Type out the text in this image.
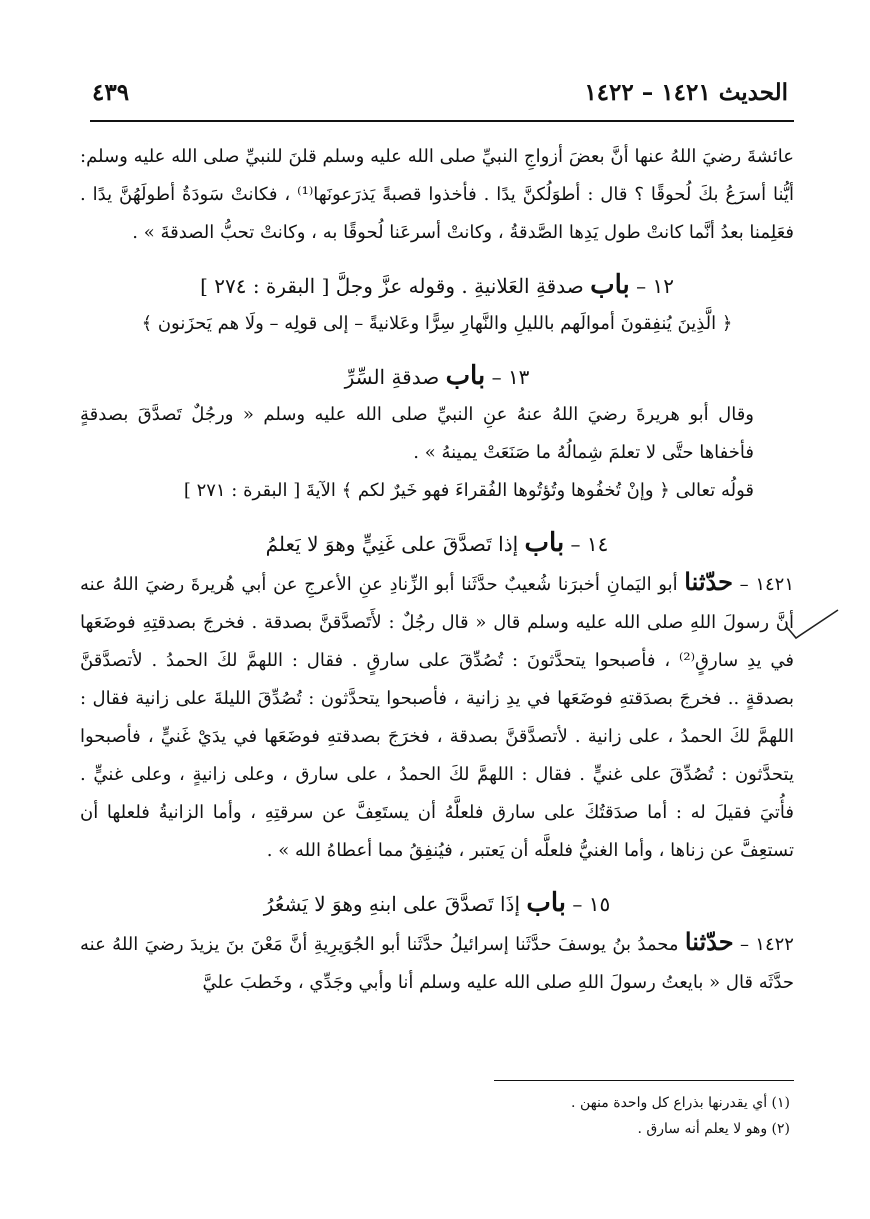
الحديث ١٤٢١ – ١٤٢٢
٤٣٩

عائشةَ رضيَ اللهُ عنها أنَّ بعضَ أزواجِ النبيِّ صلى الله عليه وسلم قلنَ للنبيِّ صلى الله عليه وسلم: أيُّنا أسرَعُ بكَ لُحوقًا ؟ قال : أطوَلُكنَّ يدًا . فأخذوا قصبةً يَذرَعونَها⁽¹⁾ ، فكانتْ سَودَةُ أطولَهُنَّ يدًا . فعَلِمنا بعدُ أنَّما كانتْ طول يَدِها الصَّدقةُ ، وكانتْ أسرعَنا لُحوقًا به ، وكانتْ تحبُّ الصدقةَ » .

١٢ – باب صدقةِ العَلانيةِ . وقوله عزَّ وجلَّ [ البقرة : ٢٧٤ ]

﴿ الَّذِينَ يُنفِقونَ أموالَهم بالليلِ والنَّهارِ سِرًّا وعَلانيةً – إلى قولِه – ولَا هم يَحزَنون ﴾

١٣ – باب صدقةِ السِّرِّ

وقال أبو هريرةَ رضيَ اللهُ عنهُ عنِ النبيِّ صلى الله عليه وسلم « ورجُلٌ تَصدَّقَ بصدقةٍ فأخفاها حتَّى لا تعلمَ شِمالُهُ ما صَنَعَتْ يمينهُ » .

قولُه تعالى ﴿ وإنْ تُخفُوها وتُؤتُوها الفُقراءَ فهو خَيرٌ لكم ﴾ الآيةَ [ البقرة : ٢٧١ ]

١٤ – باب إذا تَصدَّقَ على غَنِيٍّ وهوَ لا يَعلمُ

١٤٢١ – حدّثنا أبو اليَمانِ أخبرَنا شُعيبٌ حدَّثَنا أبو الزِّنادِ عنِ الأعرجِ عن أبي هُريرةَ رضيَ اللهُ عنه أنَّ رسولَ اللهِ صلى الله عليه وسلم قال « قال رجُلٌ : لأَتَصدَّقنَّ بصدقة . فخرجَ بصدقتِهِ فوضَعَها في يدِ سارقٍ⁽²⁾ ، فأصبحوا يتحدَّثونَ : تُصُدِّقَ على سارقٍ . فقال : اللهمَّ لكَ الحمدُ . لأتصدَّقنَّ بصدقةٍ .. فخرجَ بصدَقتهِ فوضَعَها في يدِ زانية ، فأصبحوا يتحدَّثون : تُصُدِّقَ الليلةَ على زانية فقال : اللهمَّ لكَ الحمدُ ، على زانية . لأتصدَّقنَّ بصدقة ، فخرَجَ بصدقتهِ فوضَعَها في يدَيْ غَنيٍّ ، فأصبحوا يتحدَّثون : تُصُدِّقَ على غنيٍّ . فقال : اللهمَّ لكَ الحمدُ ، على سارق ، وعلى زانيةٍ ، وعلى غنيٍّ . فأُتيَ فقيلَ له : أما صدَقتُكَ على سارق فلعلَّهُ أن يستَعِفَّ عن سرقتِهِ ، وأما الزانيةُ فلعلها أن تستعِفَّ عن زناها ، وأما الغنيُّ فلعلَّه أن يَعتبر ، فيُنفِقُ مما أعطاهُ الله » .

١٥ – باب إذَا تَصدَّقَ على ابنهِ وهوَ لا يَشعُرُ

١٤٢٢ – حدّثنا محمدُ بنُ يوسفَ حدَّثَنا إسرائيلُ حدَّثَنا أبو الجُوَيرِيةِ أنَّ مَعْنَ بنَ يزيدَ رضيَ اللهُ عنه حدَّثَه قال « بايعتُ رسولَ اللهِ صلى الله عليه وسلم أنا وأبي وجَدِّي ، وخَطبَ عليَّ

(١) أي يقدرنها بذراع كل واحدة منهن .

(٢) وهو لا يعلم أنه سارق .
